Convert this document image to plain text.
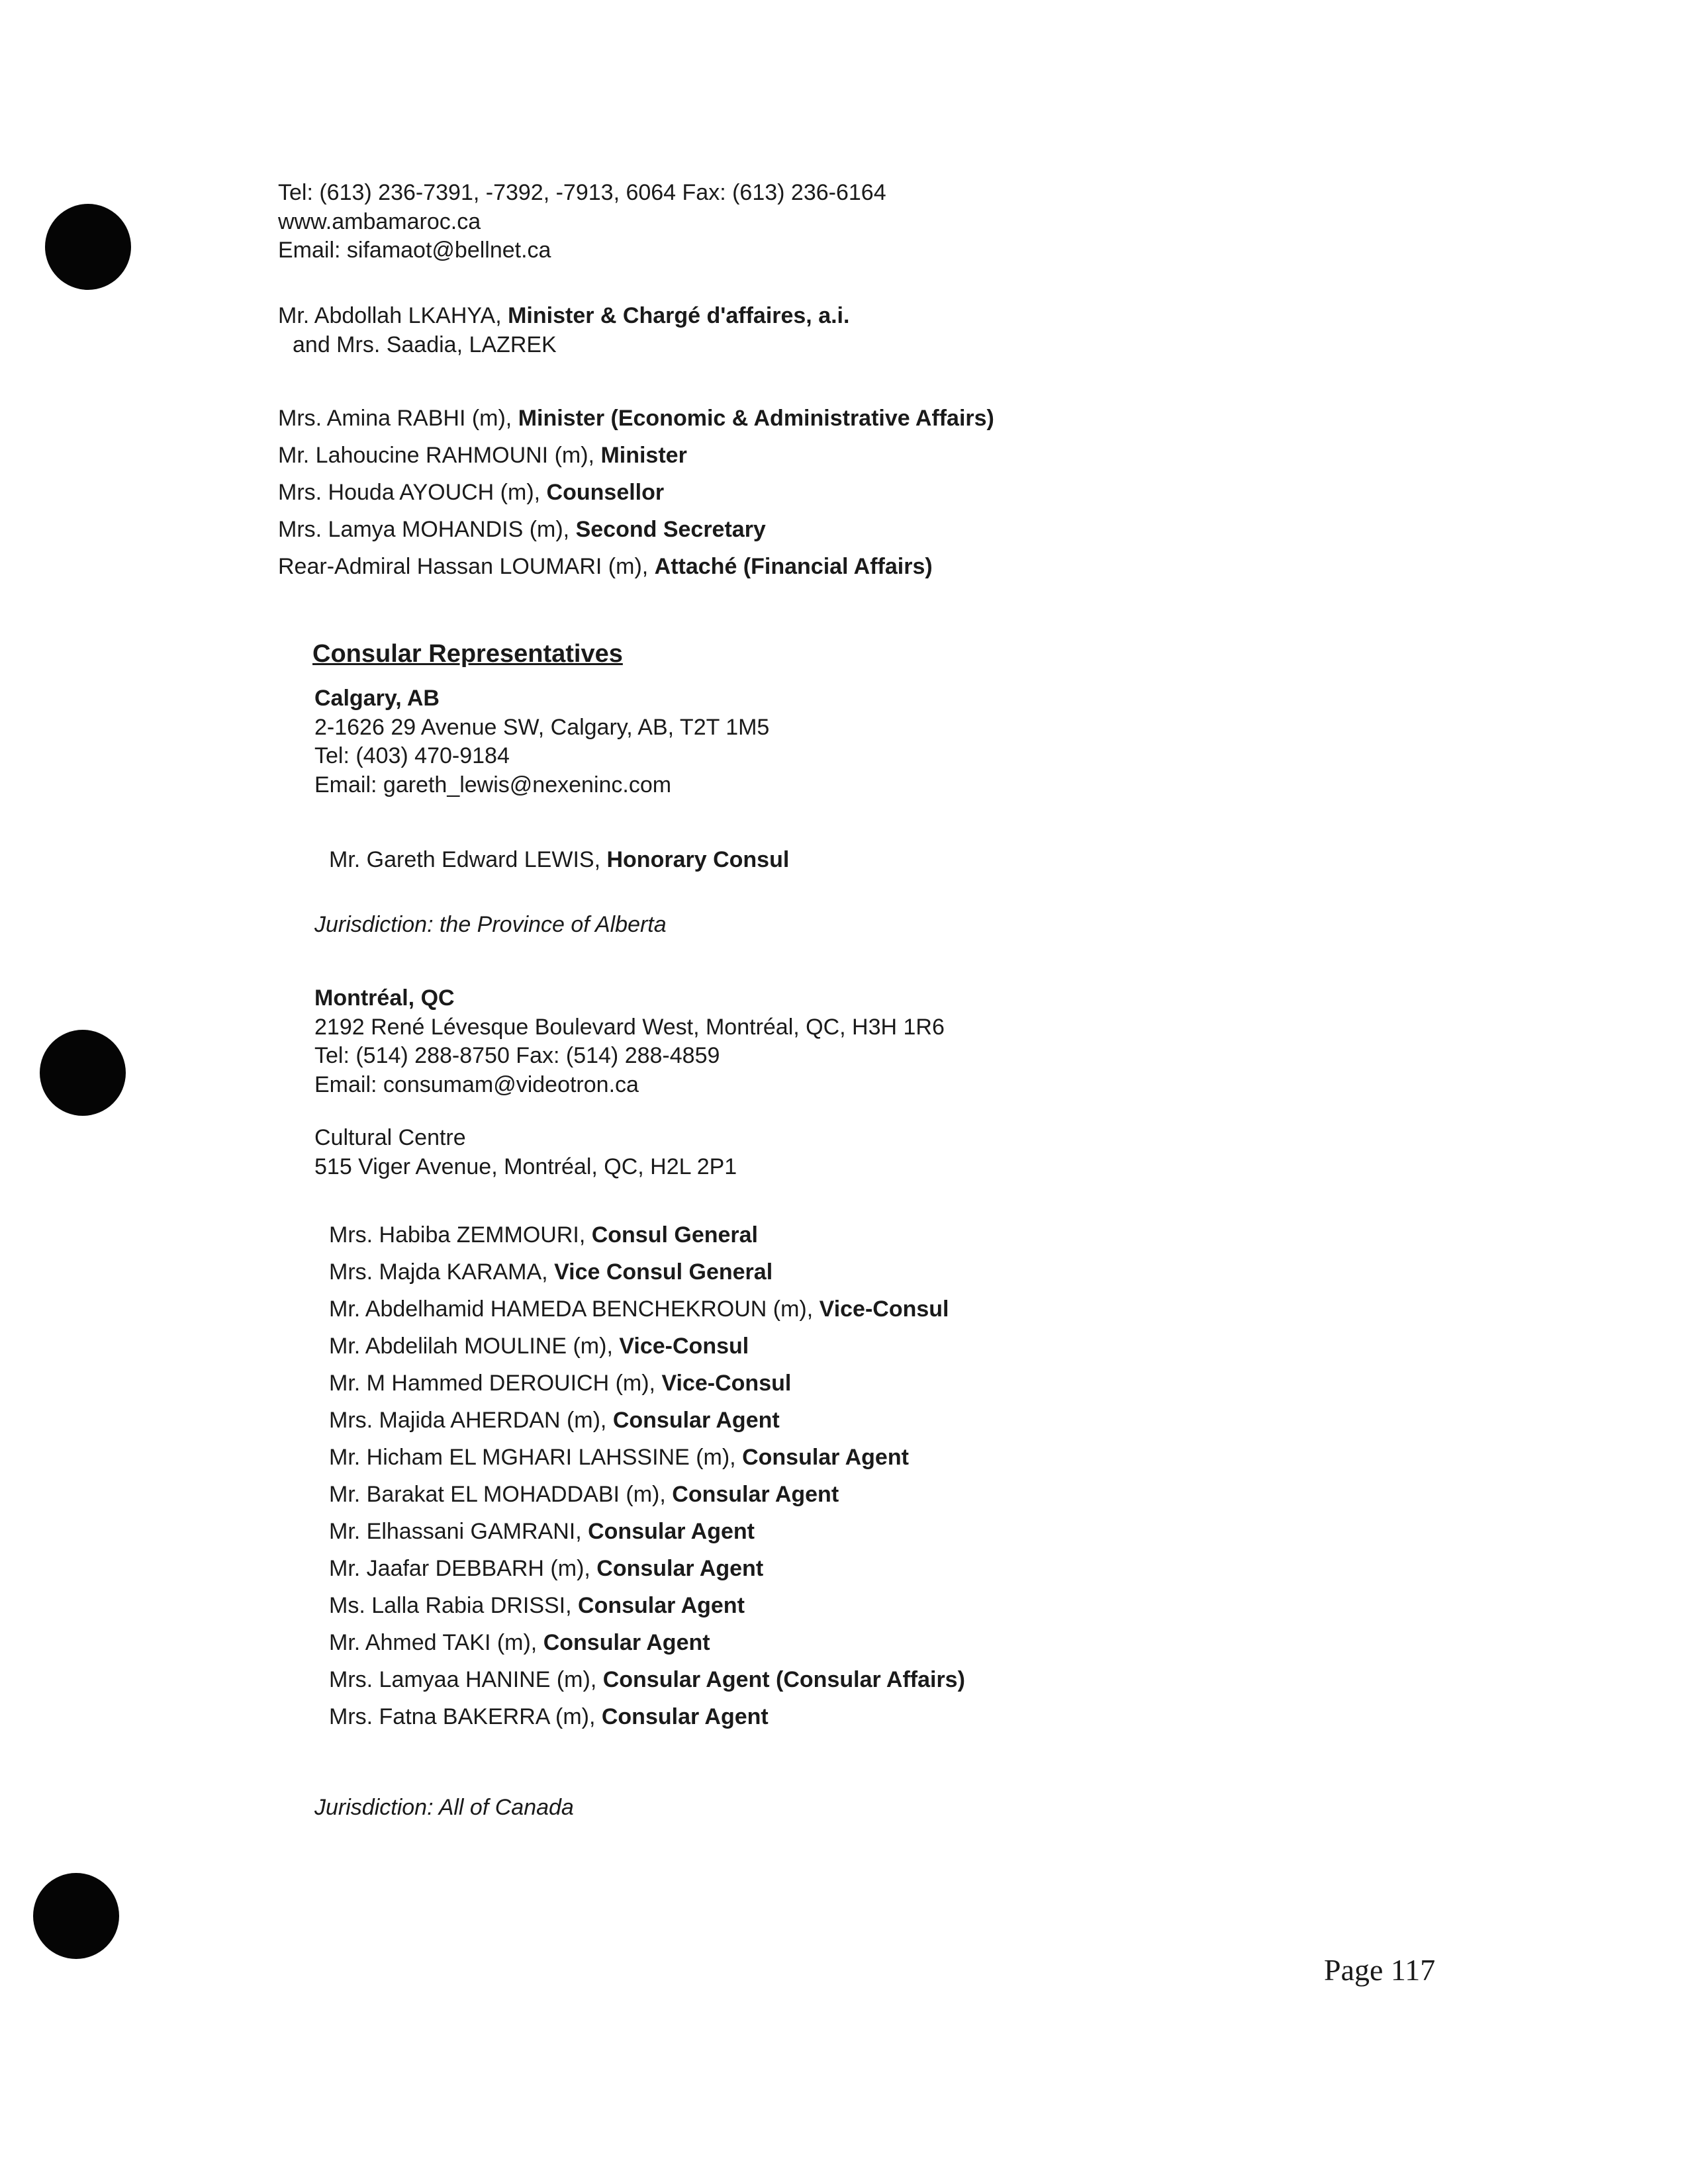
Tel: (613) 236-7391, -7392, -7913, 6064 Fax: (613) 236-6164
www.ambamaroc.ca
Email: sifamaot@bellnet.ca
Mr. Abdollah LKAHYA, Minister & Chargé d'affaires, a.i.
and Mrs. Saadia, LAZREK
Mrs. Amina RABHI (m), Minister (Economic & Administrative Affairs)
Mr. Lahoucine RAHMOUNI (m), Minister
Mrs. Houda AYOUCH (m), Counsellor
Mrs. Lamya MOHANDIS (m), Second Secretary
Rear-Admiral Hassan LOUMARI (m), Attaché (Financial Affairs)
Consular Representatives
Calgary, AB
2-1626 29 Avenue SW, Calgary, AB, T2T 1M5
Tel: (403) 470-9184
Email: gareth_lewis@nexeninc.com
Mr. Gareth Edward LEWIS, Honorary Consul
Jurisdiction: the Province of Alberta
Montréal, QC
2192 René Lévesque Boulevard West, Montréal, QC, H3H 1R6
Tel: (514) 288-8750 Fax: (514) 288-4859
Email: consumam@videotron.ca
Cultural Centre
515 Viger Avenue, Montréal, QC, H2L 2P1
Mrs. Habiba ZEMMOURI, Consul General
Mrs. Majda KARAMA, Vice Consul General
Mr. Abdelhamid HAMEDA BENCHEKROUN (m), Vice-Consul
Mr. Abdelilah MOULINE (m), Vice-Consul
Mr. M Hammed DEROUICH (m), Vice-Consul
Mrs. Majida AHERDAN (m), Consular Agent
Mr. Hicham EL MGHARI LAHSSINE (m), Consular Agent
Mr. Barakat EL MOHADDABI (m), Consular Agent
Mr. Elhassani GAMRANI, Consular Agent
Mr. Jaafar DEBBARH (m), Consular Agent
Ms. Lalla Rabia DRISSI, Consular Agent
Mr. Ahmed TAKI (m), Consular Agent
Mrs. Lamyaa HANINE (m), Consular Agent (Consular Affairs)
Mrs. Fatna BAKERRA (m), Consular Agent
Jurisdiction: All of Canada
Page 117
